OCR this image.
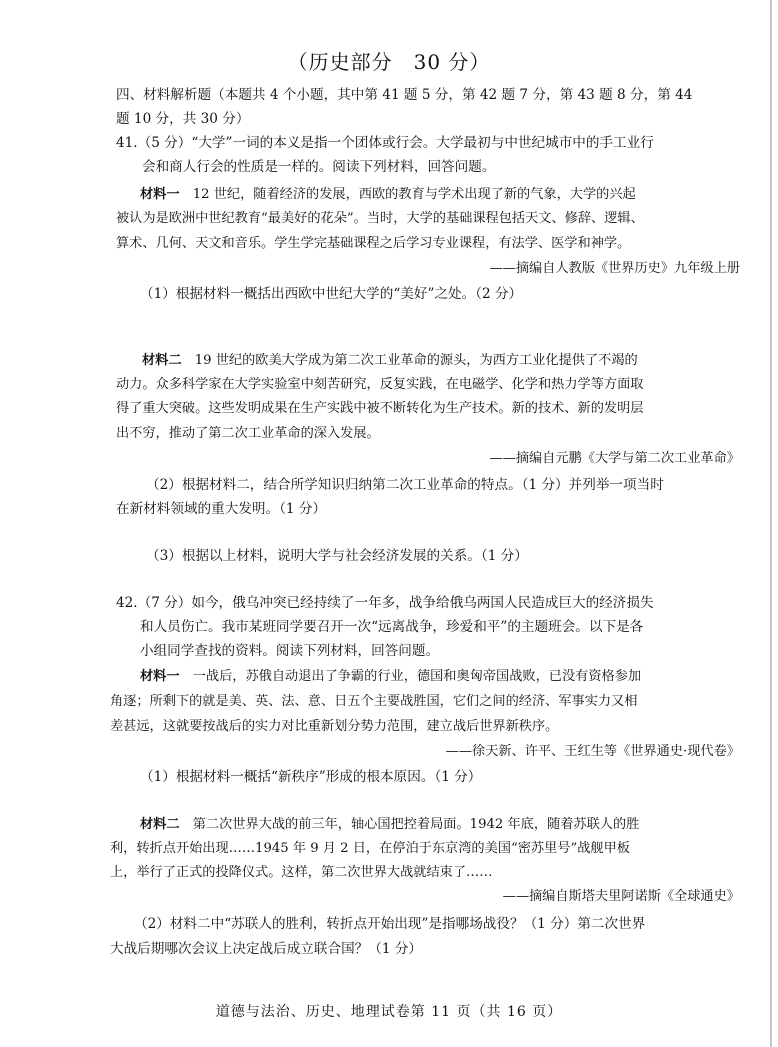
（历史部分　30 分）
四、材料解析题（本题共 4 个小题，其中第 41 题 5 分，第 42 题 7 分，第 43 题 8 分，第 44
题 10 分，共 30 分）
41.（5 分）“大学”一词的本义是指一个团体或行会。大学最初与中世纪城市中的手工业行
会和商人行会的性质是一样的。阅读下列材料，回答问题。
材料一　12 世纪，随着经济的发展，西欧的教育与学术出现了新的气象，大学的兴起
被认为是欧洲中世纪教育“最美好的花朵”。当时，大学的基础课程包括天文、修辞、逻辑、
算术、几何、天文和音乐。学生学完基础课程之后学习专业课程，有法学、医学和神学。
——摘编自人教版《世界历史》九年级上册
（1）根据材料一概括出西欧中世纪大学的“美好”之处。（2 分）
材料二　19 世纪的欧美大学成为第二次工业革命的源头，为西方工业化提供了不竭的
动力。众多科学家在大学实验室中刻苦研究，反复实践，在电磁学、化学和热力学等方面取
得了重大突破。这些发明成果在生产实践中被不断转化为生产技术。新的技术、新的发明层
出不穷，推动了第二次工业革命的深入发展。
——摘编自元鹏《大学与第二次工业革命》
（2）根据材料二，结合所学知识归纳第二次工业革命的特点。（1 分）并列举一项当时
在新材料领域的重大发明。（1 分）
（3）根据以上材料，说明大学与社会经济发展的关系。（1 分）
42.（7 分）如今，俄乌冲突已经持续了一年多，战争给俄乌两国人民造成巨大的经济损失
和人员伤亡。我市某班同学要召开一次“远离战争，珍爱和平”的主题班会。以下是各
小组同学查找的资料。阅读下列材料，回答问题。
材料一　一战后，苏俄自动退出了争霸的行业，德国和奥匈帝国战败，已没有资格参加
角逐；所剩下的就是美、英、法、意、日五个主要战胜国，它们之间的经济、军事实力又相
差甚远，这就要按战后的实力对比重新划分势力范围，建立战后世界新秩序。
——徐天新、许平、王红生等《世界通史·现代卷》
（1）根据材料一概括“新秩序”形成的根本原因。（1 分）
材料二　第二次世界大战的前三年，轴心国把控着局面。1942 年底，随着苏联人的胜
利，转折点开始出现……1945 年 9 月 2 日，在停泊于东京湾的美国“密苏里号”战舰甲板
上，举行了正式的投降仪式。这样，第二次世界大战就结束了……
——摘编自斯塔夫里阿诺斯《全球通史》
（2）材料二中“苏联人的胜利，转折点开始出现”是指哪场战役？（1 分）第二次世界
大战后期哪次会议上决定战后成立联合国？（1 分）
道德与法治、历史、地理试卷第 11 页（共 16 页）
